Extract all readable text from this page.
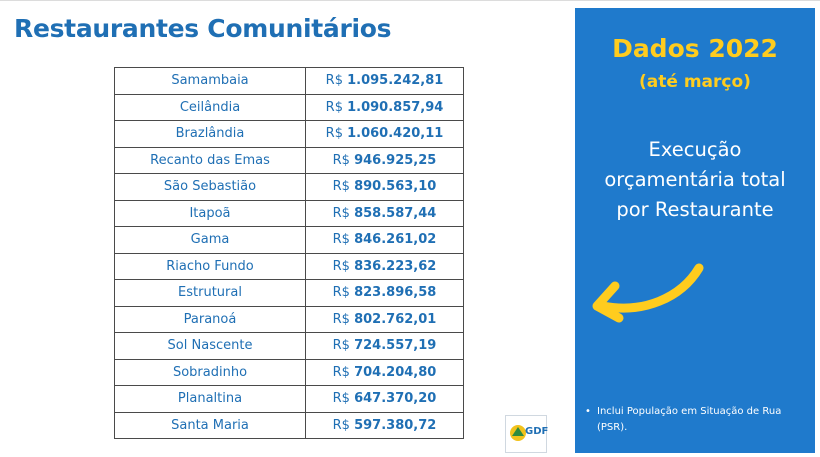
Restaurantes Comunitários
Samambaia	R$ 1.095.242,81
Ceilândia	R$ 1.090.857,94
Brazlândia	R$ 1.060.420,11
Recanto das Emas	R$ 946.925,25
São Sebastião	R$ 890.563,10
Itapoã	R$ 858.587,44
Gama	R$ 846.261,02
Riacho Fundo	R$ 836.223,62
Estrutural	R$ 823.896,58
Paranoá	R$ 802.762,01
Sol Nascente	R$ 724.557,19
Sobradinho	R$ 704.204,80
Planaltina	R$ 647.370,20
Santa Maria	R$ 597.380,72
Dados 2022
(até março)
Execução
orçamentária total
por Restaurante
• Inclui População em Situação de Rua (PSR).
GDF
